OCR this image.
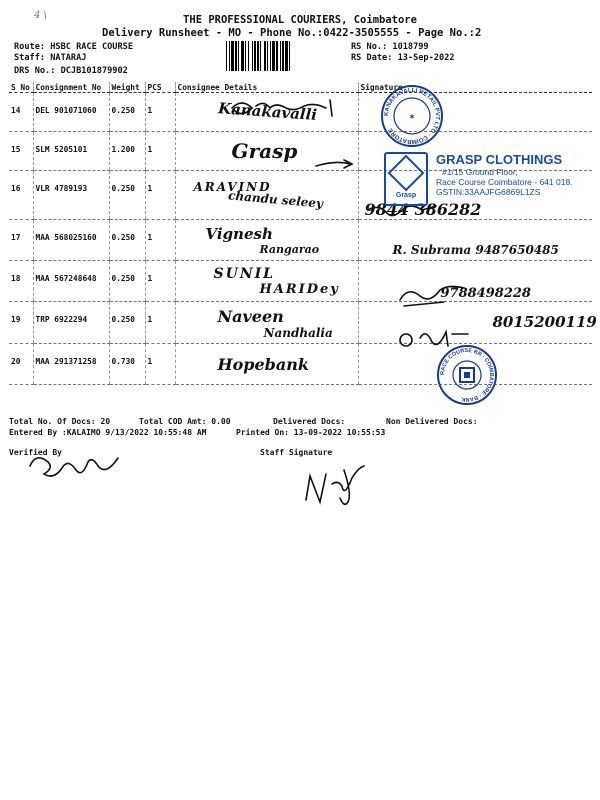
4 \	THE PROFESSIONAL COURIERS, Coimbatore
Delivery Runsheet - MO - Phone No.:0422-3505555 - Page No.:2
Route: HSBC RACE COURSE
Staff: NATARAJ
DRS No.: DCJB101879902
RS No.: 1018799
RS Date: 13-Sep-2022
S No	Consignment No	Weight	PCS	Consignee Details	Signature
14	DEL 901071060	0.250	1	Kanakavalli	

15	SLM 5205101	1.200	1	Grasp	

16	VLR 4789193	0.250	1	ARAVIND
chandu seleey	9844 386282

17	MAA 568025160	0.250	1	Vignesh
Rangarao	R. Subrama 9487650485

18	MAA 567248648	0.250	1	SUNIL
HARIDey	9788498228

19	TRP 6922294	0.250	1	Naveen
Nandhalia	8015200119

20	MAA 291371258	0.730	1	Hopebank	

KANAKAVALLI RETAIL PVT LTD · COIMBATORE
✶
Grasp
GRASP CLOTHINGS
#1/15 Ground Floor,
Race Course Coimbatore - 641 018.
GSTIN:33AAJFG6869L1ZS
RACE COURSE BR · COIMBATORE · BANK
Total No. Of Docs: 20	Total COD Amt: 0.00	Delivered Docs:	Non Delivered Docs:
Entered By :KALAIMO 9/13/2022 10:55:48 AM	Printed On: 13-09-2022 10:55:53
Verified By	Staff Signature
